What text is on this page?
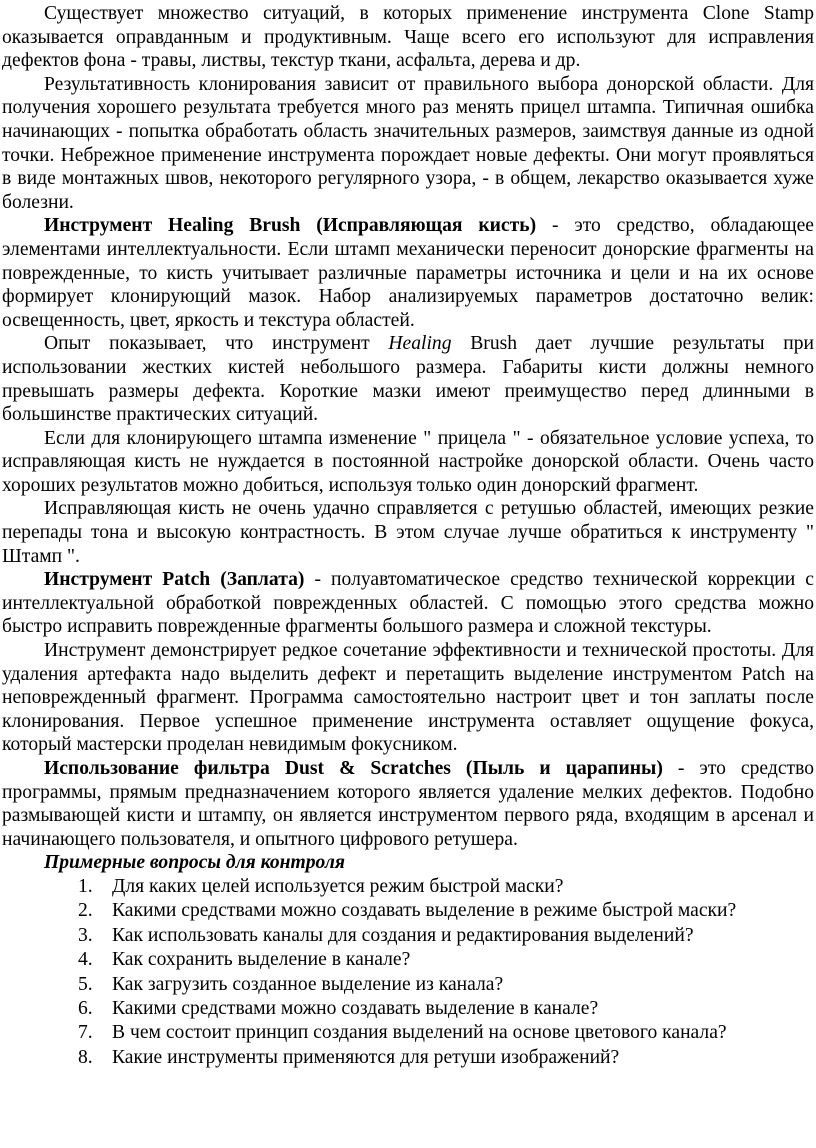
Существует множество ситуаций, в которых применение инструмента Clone Stamp оказывается оправданным и продуктивным. Чаще всего его используют для исправления дефектов фона - травы, листвы, текстур ткани, асфальта, дерева и др.

Результативность клонирования зависит от правильного выбора донорской области. Для получения хорошего результата требуется много раз менять прицел штампа. Типичная ошибка начинающих - попытка обработать область значительных размеров, заимствуя данные из одной точки. Небрежное применение инструмента порождает новые дефекты. Они могут проявляться в виде монтажных швов, некоторого регулярного узора, - в общем, лекарство оказывается хуже болезни.

Инструмент Healing Brush (Исправляющая кисть) - это средство, обладающее элементами интеллектуальности. Если штамп механически переносит донорские фрагменты на поврежденные, то кисть учитывает различные параметры источника и цели и на их основе формирует клонирующий мазок. Набор анализируемых параметров достаточно велик: освещенность, цвет, яркость и текстура областей.

Опыт показывает, что инструмент Healing Brush дает лучшие результаты при использовании жестких кистей небольшого размера. Габариты кисти должны немного превышать размеры дефекта. Короткие мазки имеют преимущество перед длинными в большинстве практических ситуаций.

Если для клонирующего штампа изменение " прицела " - обязательное условие успеха, то исправляющая кисть не нуждается в постоянной настройке донорской области. Очень часто хороших результатов можно добиться, используя только один донорский фрагмент.

Исправляющая кисть не очень удачно справляется с ретушью областей, имеющих резкие перепады тона и высокую контрастность. В этом случае лучше обратиться к инструменту " Штамп ".

Инструмент Patch (Заплата) - полуавтоматическое средство технической коррекции с интеллектуальной обработкой поврежденных областей. С помощью этого средства можно быстро исправить поврежденные фрагменты большого размера и сложной текстуры.

Инструмент демонстрирует редкое сочетание эффективности и технической простоты. Для удаления артефакта надо выделить дефект и перетащить выделение инструментом Patch на неповрежденный фрагмент. Программа самостоятельно настроит цвет и тон заплаты после клонирования. Первое успешное применение инструмента оставляет ощущение фокуса, который мастерски проделан невидимым фокусником.

Использование фильтра Dust & Scratches (Пыль и царапины) - это средство программы, прямым предназначением которого является удаление мелких дефектов. Подобно размывающей кисти и штампу, он является инструментом первого ряда, входящим в арсенал и начинающего пользователя, и опытного цифрового ретушера.

Примерные вопросы для контроля
1. Для каких целей используется режим быстрой маски?
2. Какими средствами можно создавать выделение в режиме быстрой маски?
3. Как использовать каналы для создания и редактирования выделений?
4. Как сохранить выделение в канале?
5. Как загрузить созданное выделение из канала?
6. Какими средствами можно создавать выделение в канале?
7. В чем состоит принцип создания выделений на основе цветового канала?
8. Какие инструменты применяются для ретуши изображений?
